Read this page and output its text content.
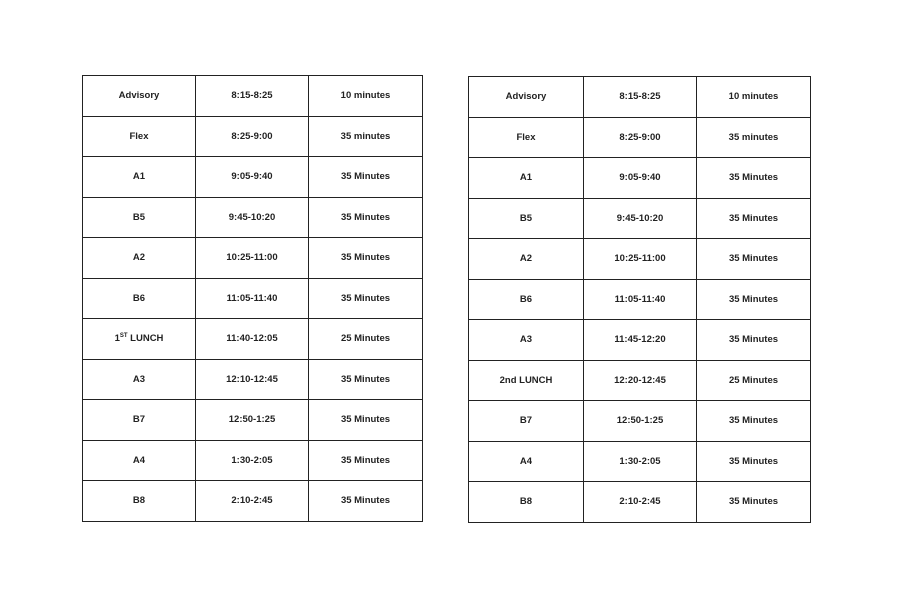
Advisory	8:15-8:25	10 minutes
Flex	8:25-9:00	35 minutes
A1	9:05-9:40	35 Minutes
B5	9:45-10:20	35 Minutes
A2	10:25-11:00	35 Minutes
B6	11:05-11:40	35 Minutes
1ST LUNCH	11:40-12:05	25 Minutes
A3	12:10-12:45	35 Minutes
B7	12:50-1:25	35 Minutes
A4	1:30-2:05	35 Minutes
B8	2:10-2:45	35 Minutes
Advisory	8:15-8:25	10 minutes
Flex	8:25-9:00	35 minutes
A1	9:05-9:40	35 Minutes
B5	9:45-10:20	35 Minutes
A2	10:25-11:00	35 Minutes
B6	11:05-11:40	35 Minutes
A3	11:45-12:20	35 Minutes
2nd LUNCH	12:20-12:45	25 Minutes
B7	12:50-1:25	35 Minutes
A4	1:30-2:05	35 Minutes
B8	2:10-2:45	35 Minutes
